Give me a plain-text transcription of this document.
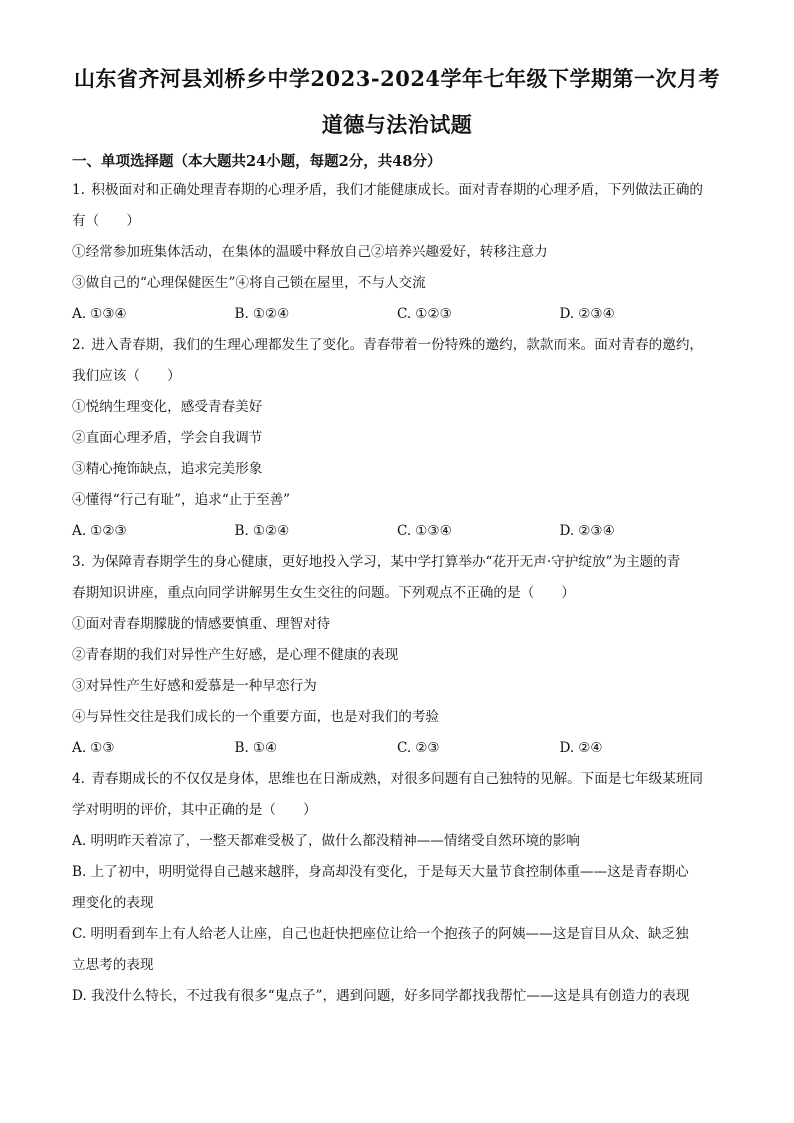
山东省齐河县刘桥乡中学2023-2024学年七年级下学期第一次月考
道德与法治试题

一、单项选择题（本大题共24小题，每题2分，共48分）

1. 积极面对和正确处理青春期的心理矛盾，我们才能健康成长。面对青春期的心理矛盾，下列做法正确的

有（　　）

①经常参加班集体活动，在集体的温暖中释放自己②培养兴趣爱好，转移注意力

③做自己的“心理保健医生”④将自己锁在屋里，不与人交流

A. ①③④	B. ①②④	C. ①②③	D. ②③④

2. 进入青春期，我们的生理心理都发生了变化。青春带着一份特殊的邀约，款款而来。面对青春的邀约，

我们应该（　　）

①悦纳生理变化，感受青春美好

②直面心理矛盾，学会自我调节

③精心掩饰缺点，追求完美形象

④懂得“行己有耻”，追求“止于至善”

A. ①②③	B. ①②④	C. ①③④	D. ②③④

3. 为保障青春期学生的身心健康，更好地投入学习，某中学打算举办“花开无声·守护绽放”为主题的青

春期知识讲座，重点向同学讲解男生女生交往的问题。下列观点不正确的是（　　）

①面对青春期朦胧的情感要慎重、理智对待

②青春期的我们对异性产生好感，是心理不健康的表现

③对异性产生好感和爱慕是一种早恋行为

④与异性交往是我们成长的一个重要方面，也是对我们的考验

A. ①③	B. ①④	C. ②③	D. ②④

4. 青春期成长的不仅仅是身体，思维也在日渐成熟，对很多问题有自己独特的见解。下面是七年级某班同

学对明明的评价，其中正确的是（　　）

A. 明明昨天着凉了，一整天都难受极了，做什么都没精神——情绪受自然环境的影响

B. 上了初中，明明觉得自己越来越胖，身高却没有变化，于是每天大量节食控制体重——这是青春期心

理变化的表现

C. 明明看到车上有人给老人让座，自己也赶快把座位让给一个抱孩子的阿姨——这是盲目从众、缺乏独

立思考的表现

D. 我没什么特长，不过我有很多“鬼点子”，遇到问题，好多同学都找我帮忙——这是具有创造力的表现
